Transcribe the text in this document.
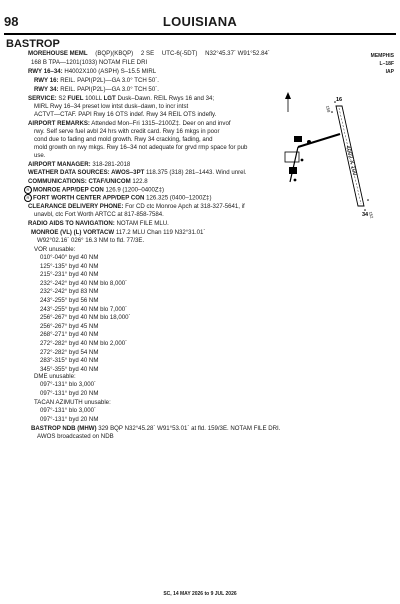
98	LOUISIANA
BASTROP
MOREHOUSE MEML (BQP)(KBQP) 2 SE UTC-6(-5DT) N32°45.37´ W91°52.84´
168 B TPA—1201(1033) NOTAM FILE DRI
MEMPHIS
L–18F
IAP
RWY 16–34: H4002X100 (ASPH) S–15.5 MIRL
RWY 16: REIL. PAPI(P2L)—GA 3.0° TCH 50´.
RWY 34: REIL. PAPI(P2L)—GA 3.0° TCH 50´.
SERVICE: S2 FUEL 100LL LGT Dusk–Dawn. REIL Rwys 16 and 34;
MIRL Rwy 16–34 preset low intst dusk–dawn, to incr intst
ACTVT—CTAF. PAPI Rwy 16 OTS indef. Rwy 34 REIL OTS indefly.
AIRPORT REMARKS: Attended Mon–Fri 1315–2100Z‡. Deer on and invof
rwy. Self serve fuel avbl 24 hrs with credit card. Rwy 16 mkgs in poor
cond due to fading and mold growth. Rwy 34 cracking, fading, and
mold growth on rwy mkgs. Rwy 16–34 not adequate for grvd rmp space for pub
use.
AIRPORT MANAGER: 318-281-2018
WEATHER DATA SOURCES: AWOS–3PT 118.375 (318) 281–1443. Wind unrel.
COMMUNICATIONS: CTAF/UNICOM 122.8
R MONROE APP/DEP CON 126.9 (1200–0400Z‡)
R FORT WORTH CENTER APP/DEP CON 126.325 (0400–1200Z‡)
CLEARANCE DELIVERY PHONE: For CD ctc Monroe Apch at 318-327-5641, if
unavbl, ctc Fort Worth ARTCC at 817-858-7584.
RADIO AIDS TO NAVIGATION: NOTAM FILE MLU.
MONROE (VL) (L) VORTACW 117.2 MLU Chan 119 N32°31.01´
W92°02.16´ 026° 16.3 NM to fld. 77/3E.
VOR unusable:
010°-040° byd 40 NM
125°-135° byd 40 NM
215°-231° byd 40 NM
232°-242° byd 40 NM blo 8,000´
232°-242° byd 83 NM
243°-255° byd 56 NM
243°-255° byd 40 NM blo 7,000´
256°-267° byd 40 NM blo 18,000´
256°-267° byd 45 NM
268°-271° byd 40 NM
272°-282° byd 40 NM blo 2,000´
272°-282° byd 54 NM
283°-315° byd 40 NM
345°-355° byd 40 NM
DME unusable:
097°-131° blo 3,000´
097°-131° byd 20 NM
TACAN AZIMUTH unusable:
097°-131° blo 3,000´
097°-131° byd 20 NM
BASTROP NDB (MHW) 329 BQP N32°45.28´ W91°53.01´ at fld. 159/3E. NOTAM FILE DRI.
AWOS broadcasted on NDB
4002 X 100
16
34
158
152
SC, 14 MAY 2026 to 9 JUL 2026
